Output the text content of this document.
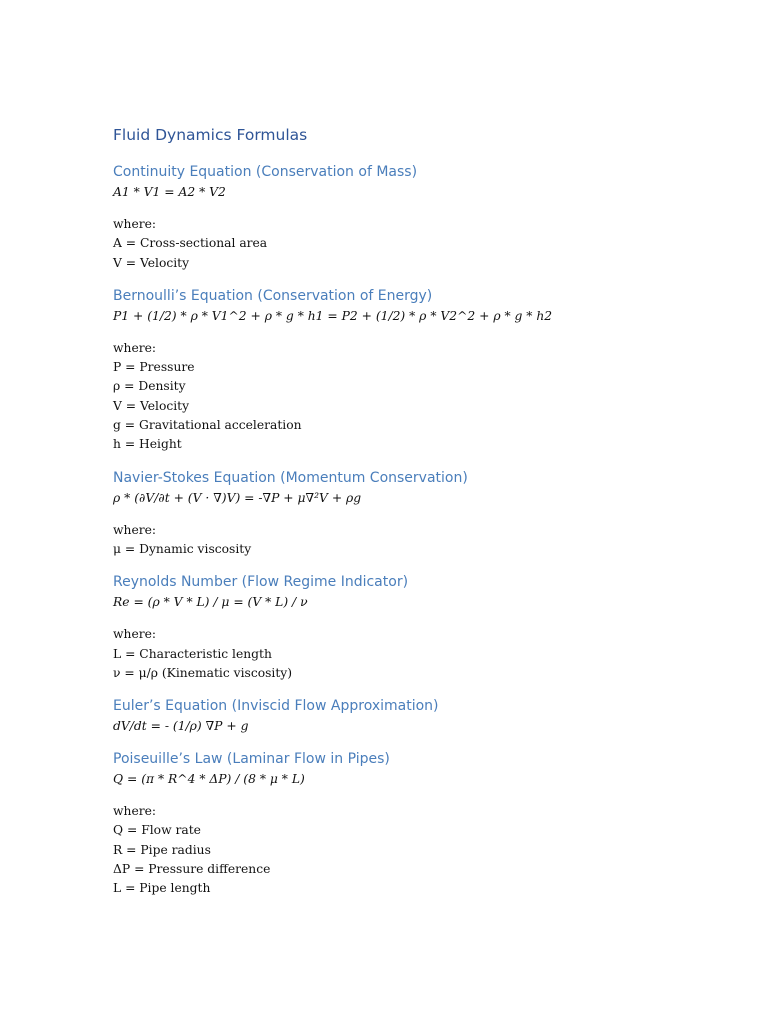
Fluid Dynamics Formulas
Continuity Equation (Conservation of Mass)
A1 * V1 = A2 * V2
where:
A = Cross-sectional area
V = Velocity
Bernoulli’s Equation (Conservation of Energy)
P1 + (1/2) * ρ * V1^2 + ρ * g * h1 = P2 + (1/2) * ρ * V2^2 + ρ * g * h2
where:
P = Pressure
ρ = Density
V = Velocity
g = Gravitational acceleration
h = Height
Navier-Stokes Equation (Momentum Conservation)
ρ * (∂V/∂t + (V · ∇)V) = -∇P + μ∇²V + ρg
where:
μ = Dynamic viscosity
Reynolds Number (Flow Regime Indicator)
Re = (ρ * V * L) / μ = (V * L) / ν
where:
L = Characteristic length
ν = μ/ρ (Kinematic viscosity)
Euler’s Equation (Inviscid Flow Approximation)
dV/dt = - (1/ρ) ∇P + g
Poiseuille’s Law (Laminar Flow in Pipes)
Q = (π * R^4 * ΔP) / (8 * μ * L)
where:
Q = Flow rate
R = Pipe radius
ΔP = Pressure difference
L = Pipe length
